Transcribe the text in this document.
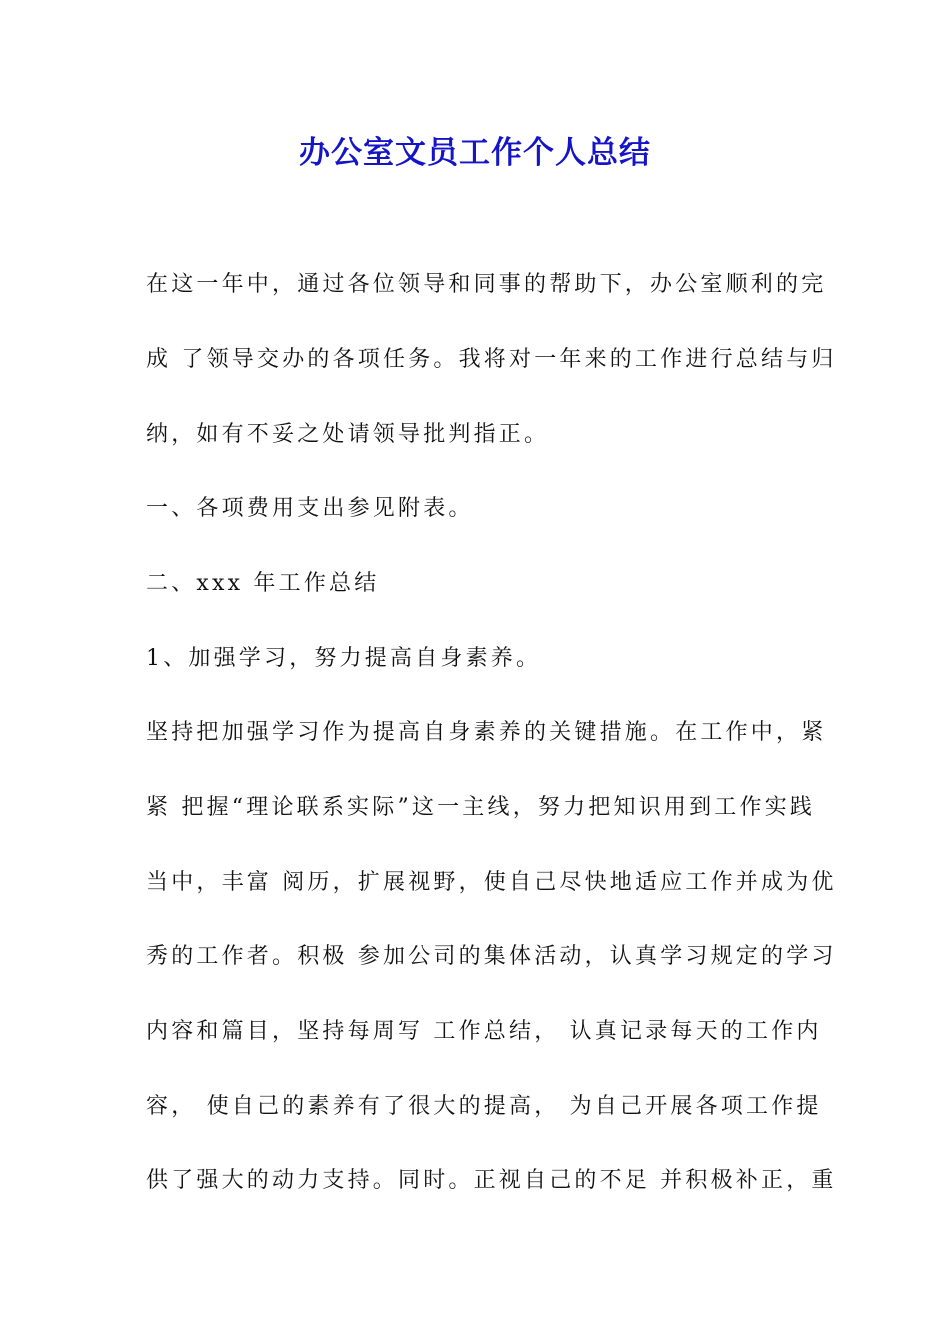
办公室文员工作个人总结

在这一年中，通过各位领导和同事的帮助下，办公室顺利的完

成 了领导交办的各项任务。我将对一年来的工作进行总结与归

纳，如有不妥之处请领导批判指正。

一、各项费用支出参见附表。

二、xxx 年工作总结

1、加强学习，努力提高自身素养。

坚持把加强学习作为提高自身素养的关键措施。在工作中，紧

紧 把握“理论联系实际”这一主线，努力把知识用到工作实践

当中，丰富 阅历，扩展视野，使自己尽快地适应工作并成为优

秀的工作者。积极 参加公司的集体活动，认真学习规定的学习

内容和篇目，坚持每周写 工作总结， 认真记录每天的工作内

容， 使自己的素养有了很大的提高， 为自己开展各项工作提

供了强大的动力支持。同时。正视自己的不足 并积极补正，重
